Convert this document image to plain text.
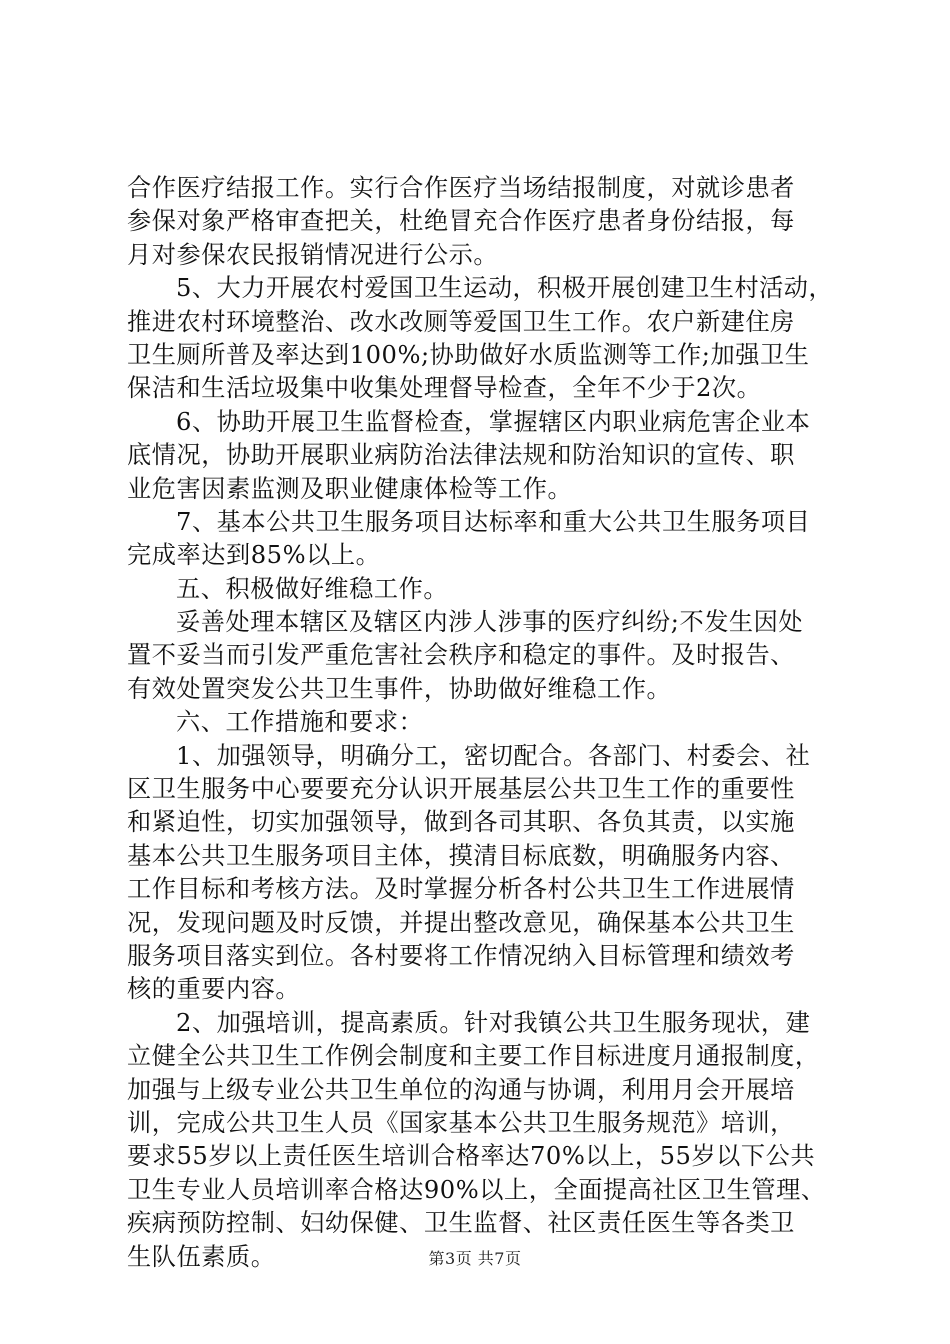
合作医疗结报工作。实行合作医疗当场结报制度，对就诊患者
参保对象严格审查把关，杜绝冒充合作医疗患者身份结报，每
月对参保农民报销情况进行公示。
5、大力开展农村爱国卫生运动，积极开展创建卫生村活动，
推进农村环境整治、改水改厕等爱国卫生工作。农户新建住房
卫生厕所普及率达到100%;协助做好水质监测等工作;加强卫生
保洁和生活垃圾集中收集处理督导检查，全年不少于2次。
6、协助开展卫生监督检查，掌握辖区内职业病危害企业本
底情况，协助开展职业病防治法律法规和防治知识的宣传、职
业危害因素监测及职业健康体检等工作。
7、基本公共卫生服务项目达标率和重大公共卫生服务项目
完成率达到85%以上。
五、积极做好维稳工作。
妥善处理本辖区及辖区内涉人涉事的医疗纠纷;不发生因处
置不妥当而引发严重危害社会秩序和稳定的事件。及时报告、
有效处置突发公共卫生事件，协助做好维稳工作。
六、工作措施和要求：
1、加强领导，明确分工，密切配合。各部门、村委会、社
区卫生服务中心要要充分认识开展基层公共卫生工作的重要性
和紧迫性，切实加强领导，做到各司其职、各负其责，以实施
基本公共卫生服务项目主体，摸清目标底数，明确服务内容、
工作目标和考核方法。及时掌握分析各村公共卫生工作进展情
况，发现问题及时反馈，并提出整改意见，确保基本公共卫生
服务项目落实到位。各村要将工作情况纳入目标管理和绩效考
核的重要内容。
2、加强培训，提高素质。针对我镇公共卫生服务现状，建
立健全公共卫生工作例会制度和主要工作目标进度月通报制度，
加强与上级专业公共卫生单位的沟通与协调，利用月会开展培
训，完成公共卫生人员《国家基本公共卫生服务规范》培训，
要求55岁以上责任医生培训合格率达70%以上，55岁以下公共
卫生专业人员培训率合格达90%以上，全面提高社区卫生管理、
疾病预防控制、妇幼保健、卫生监督、社区责任医生等各类卫
生队伍素质。	第3页 共7页
